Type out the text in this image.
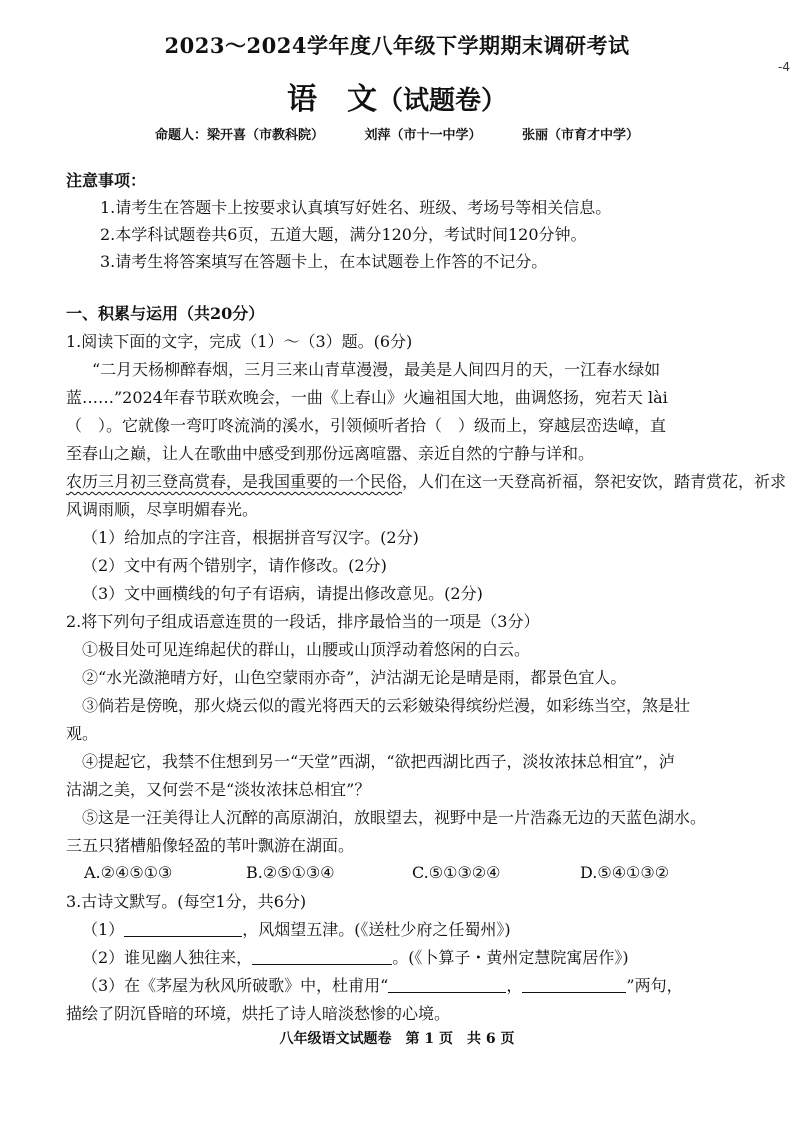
2023～2024学年度八年级下学期期末调研考试
语　文（试题卷）
命题人：梁开喜（市教科院）	刘萍（市十一中学）	张丽（市育才中学）
-4
注意事项：
1.请考生在答题卡上按要求认真填写好姓名、班级、考场号等相关信息。
2.本学科试题卷共6页，五道大题，满分120分，考试时间120分钟。
3.请考生将答案填写在答题卡上，在本试题卷上作答的不记分。
一、积累与运用（共20分）
1.阅读下面的文字，完成（1）～（3）题。(6分)
“二月天杨柳醉春烟，三月三来山青草漫漫，最美是人间四月的天，一江春水绿如
蓝……”2024年春节联欢晚会，一曲《上春山》火遍祖国大地，曲调悠扬，宛若天 lài
（　）。它就像一弯叮咚流淌的溪水，引领倾听者拾（　）级而上，穿越层峦迭嶂，直
至春山之巅，让人在歌曲中感受到那份远离喧嚣、亲近自然的宁静与详和。
农历三月初三登高赏春，是我国重要的一个民俗，人们在这一天登高祈福，祭祀安饮，踏青赏花，祈求
风调雨顺，尽享明媚春光。
（1）给加点的字注音，根据拼音写汉字。(2分)
（2）文中有两个错别字，请作修改。(2分)
（3）文中画横线的句子有语病，请提出修改意见。(2分)
2.将下列句子组成语意连贯的一段话，排序最恰当的一项是（3分）
①极目处可见连绵起伏的群山，山腰或山顶浮动着悠闲的白云。
②“水光潋滟晴方好，山色空蒙雨亦奇”，泸沽湖无论是晴是雨，都景色宜人。
③倘若是傍晚，那火烧云似的霞光将西天的云彩皴染得缤纷烂漫，如彩练当空，煞是壮
观。
④提起它，我禁不住想到另一“天堂”西湖，“欲把西湖比西子，淡妆浓抹总相宜”，泸
沽湖之美，又何尝不是“淡妆浓抹总相宜”？
⑤这是一汪美得让人沉醉的高原湖泊，放眼望去，视野中是一片浩淼无边的天蓝色湖水。
三五只猪槽船像轻盈的苇叶飘游在湖面。
A.②④⑤①③	B.②⑤①③④	C.⑤①③②④	D.⑤④①③②
3.古诗文默写。(每空1分，共6分)
（1）	，风烟望五津。(《送杜少府之任蜀州》)
（2）谁见幽人独往来，	。(《卜算子・黄州定慧院寓居作》)
（3）在《茅屋为秋风所破歌》中，杜甫用“	，	”两句，
描绘了阴沉昏暗的环境，烘托了诗人暗淡愁惨的心境。
八年级语文试题卷　第 1 页　共 6 页
